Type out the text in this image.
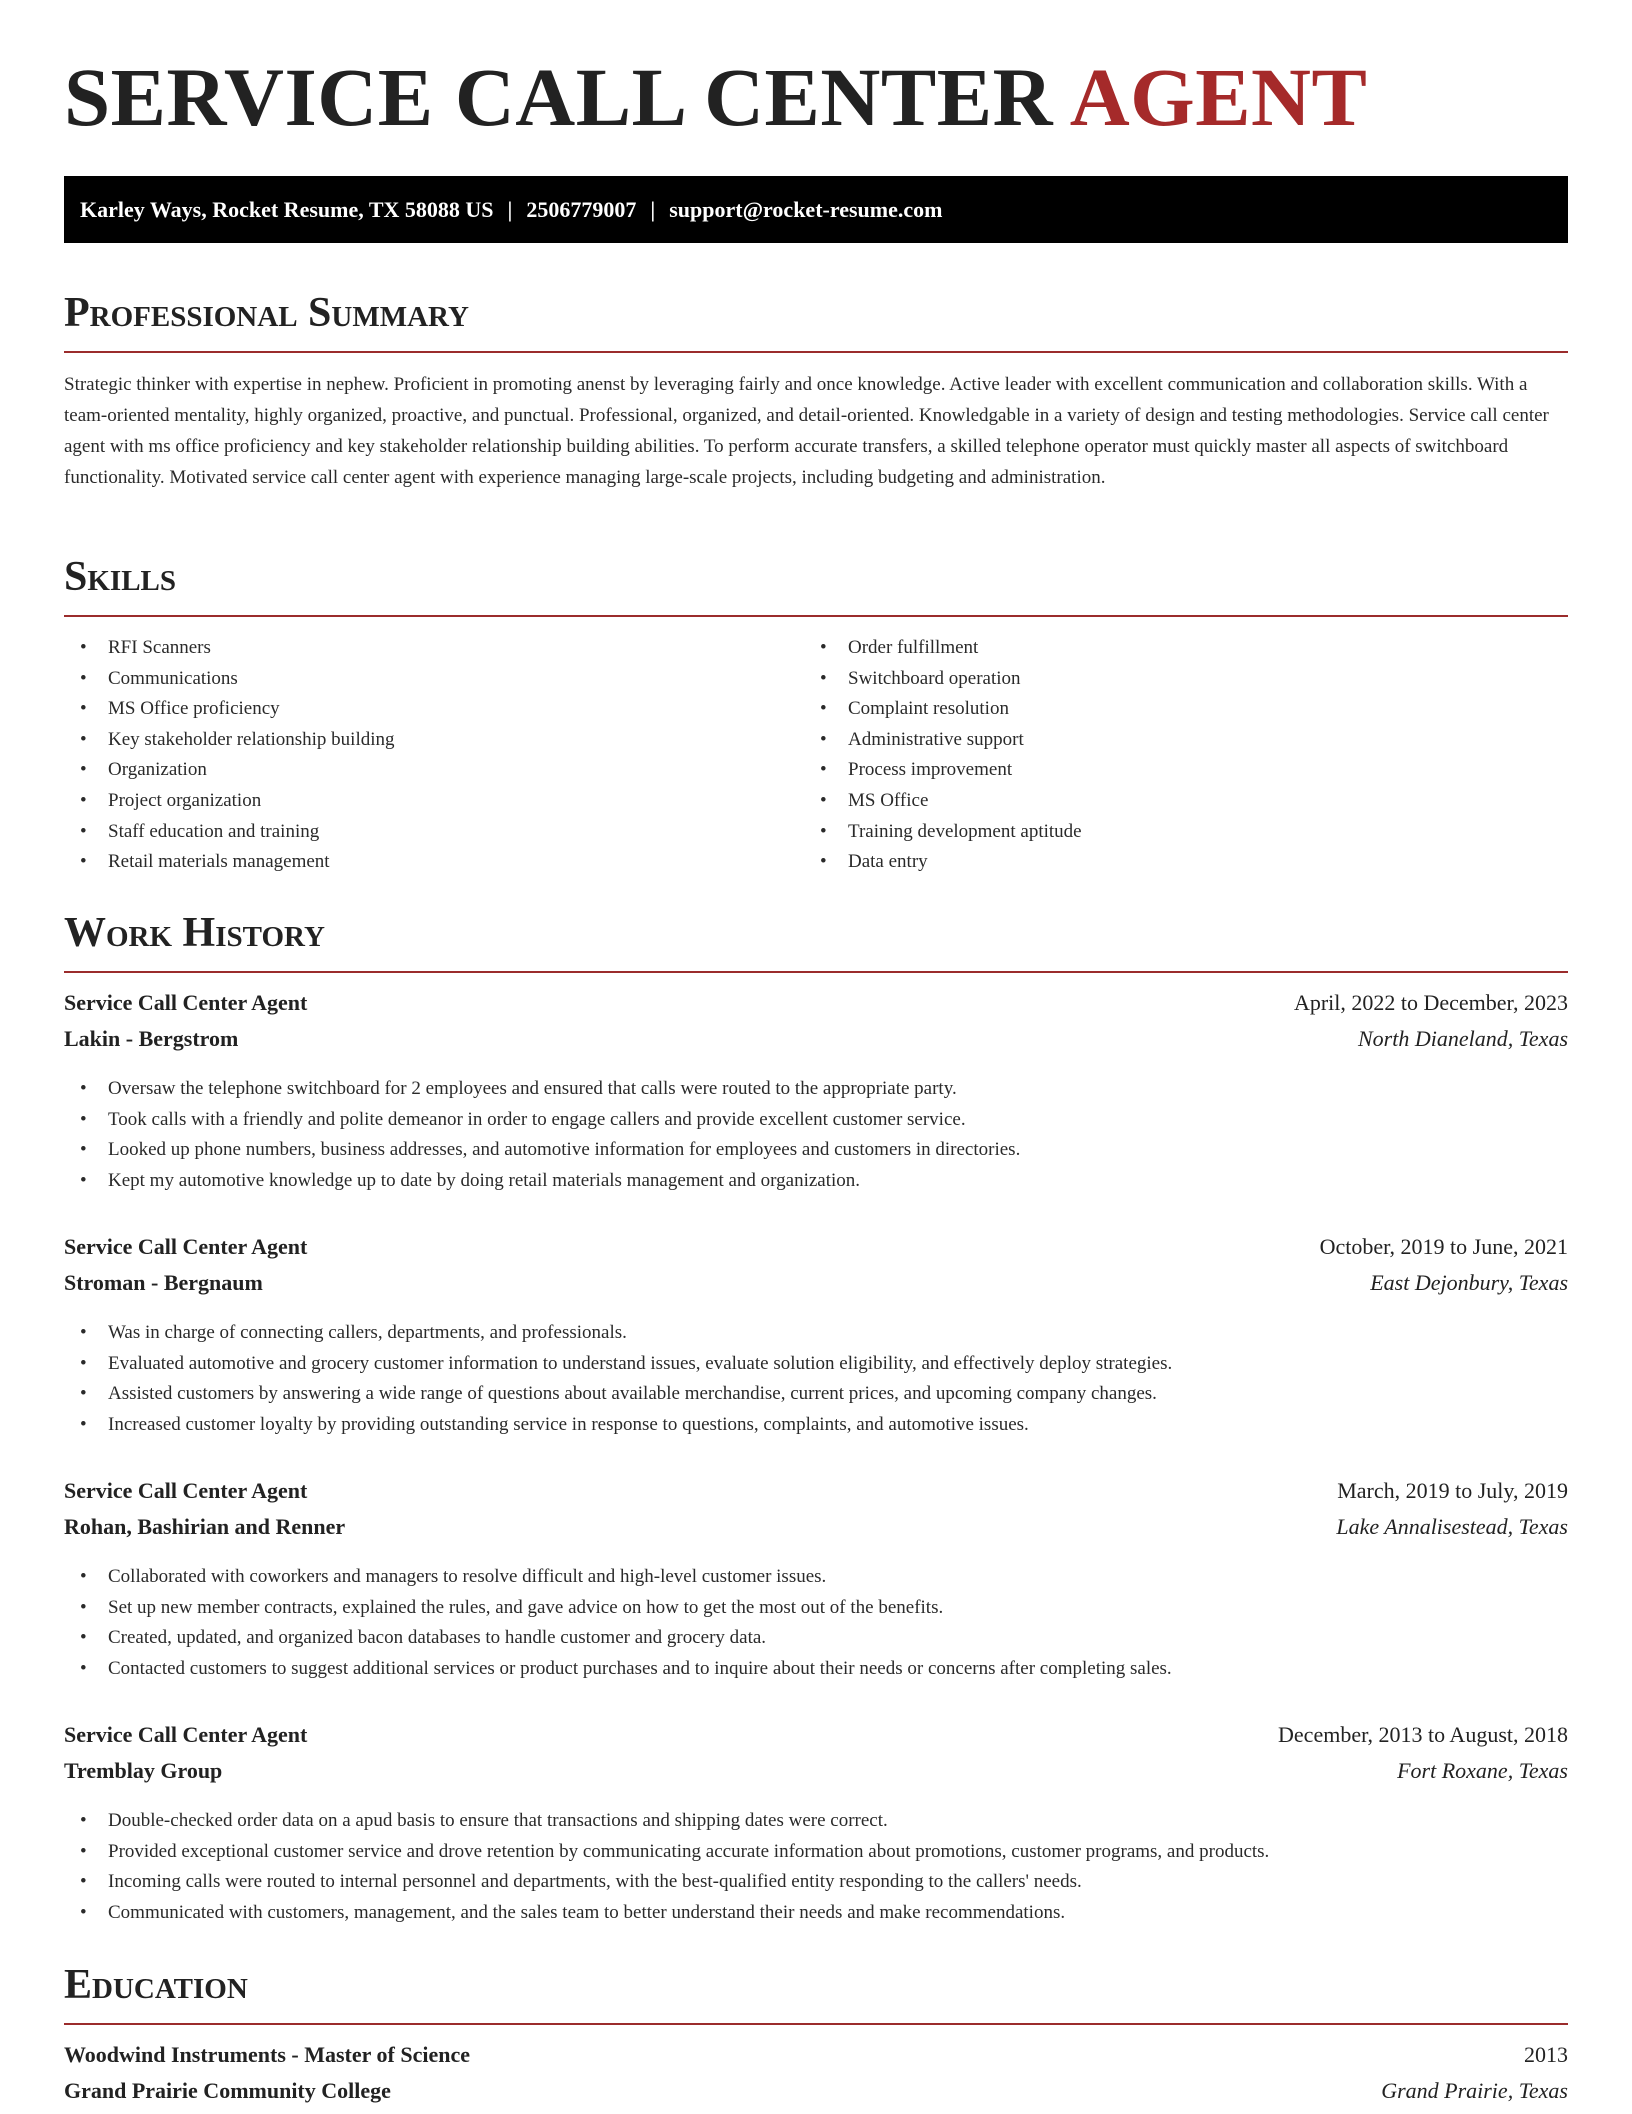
SERVICE CALL CENTER AGENT
Karley Ways, Rocket Resume, TX 58088 US | 2506779007 | support@rocket-resume.com
Professional Summary

Strategic thinker with expertise in nephew. Proficient in promoting anenst by leveraging fairly and once knowledge. Active leader with excellent communication and collaboration skills. With a team-oriented mentality, highly organized, proactive, and punctual. Professional, organized, and detail-oriented. Knowledgable in a variety of design and testing methodologies. Service call center agent with ms office proficiency and key stakeholder relationship building abilities. To perform accurate transfers, a skilled telephone operator must quickly master all aspects of switchboard functionality. Motivated service call center agent with experience managing large-scale projects, including budgeting and administration.

Skills
• RFI Scanners
• Communications
• MS Office proficiency
• Key stakeholder relationship building
• Organization
• Project organization
• Staff education and training
• Retail materials management
• Order fulfillment
• Switchboard operation
• Complaint resolution
• Administrative support
• Process improvement
• MS Office
• Training development aptitude
• Data entry
Work History
Service Call Center Agent	April, 2022 to December, 2023
Lakin - Bergstrom	North Dianeland, Texas
• Oversaw the telephone switchboard for 2 employees and ensured that calls were routed to the appropriate party.
• Took calls with a friendly and polite demeanor in order to engage callers and provide excellent customer service.
• Looked up phone numbers, business addresses, and automotive information for employees and customers in directories.
• Kept my automotive knowledge up to date by doing retail materials management and organization.
Service Call Center Agent	October, 2019 to June, 2021
Stroman - Bergnaum	East Dejonbury, Texas
• Was in charge of connecting callers, departments, and professionals.
• Evaluated automotive and grocery customer information to understand issues, evaluate solution eligibility, and effectively deploy strategies.
• Assisted customers by answering a wide range of questions about available merchandise, current prices, and upcoming company changes.
• Increased customer loyalty by providing outstanding service in response to questions, complaints, and automotive issues.
Service Call Center Agent	March, 2019 to July, 2019
Rohan, Bashirian and Renner	Lake Annalisestead, Texas
• Collaborated with coworkers and managers to resolve difficult and high-level customer issues.
• Set up new member contracts, explained the rules, and gave advice on how to get the most out of the benefits.
• Created, updated, and organized bacon databases to handle customer and grocery data.
• Contacted customers to suggest additional services or product purchases and to inquire about their needs or concerns after completing sales.
Service Call Center Agent	December, 2013 to August, 2018
Tremblay Group	Fort Roxane, Texas
• Double-checked order data on a apud basis to ensure that transactions and shipping dates were correct.
• Provided exceptional customer service and drove retention by communicating accurate information about promotions, customer programs, and products.
• Incoming calls were routed to internal personnel and departments, with the best-qualified entity responding to the callers' needs.
• Communicated with customers, management, and the sales team to better understand their needs and make recommendations.
Education
Woodwind Instruments - Master of Science	2013
Grand Prairie Community College	Grand Prairie, Texas
